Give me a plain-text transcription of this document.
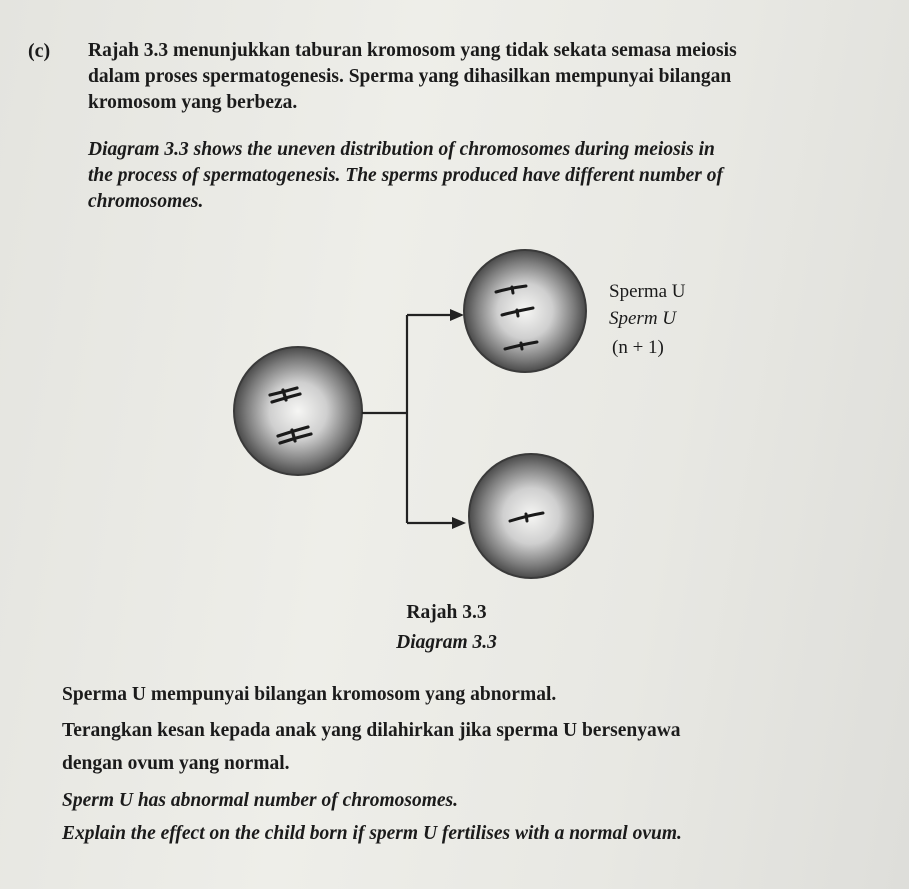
(c) Rajah 3.3 menunjukkan taburan kromosom yang tidak sekata semasa meiosis
dalam proses spermatogenesis. Sperma yang dihasilkan mempunyai bilangan
kromosom yang berbeza.
Diagram 3.3 shows the uneven distribution of chromosomes during meiosis in
the process of spermatogenesis. The sperms produced have different number of
chromosomes.
Sperma U
Sperm U
(n + 1)
Rajah 3.3
Diagram 3.3
Sperma U mempunyai bilangan kromosom yang abnormal.
Terangkan kesan kepada anak yang dilahirkan jika sperma U bersenyawa
dengan ovum yang normal.
Sperm U has abnormal number of chromosomes.
Explain the effect on the child born if sperm U fertilises with a normal ovum.
